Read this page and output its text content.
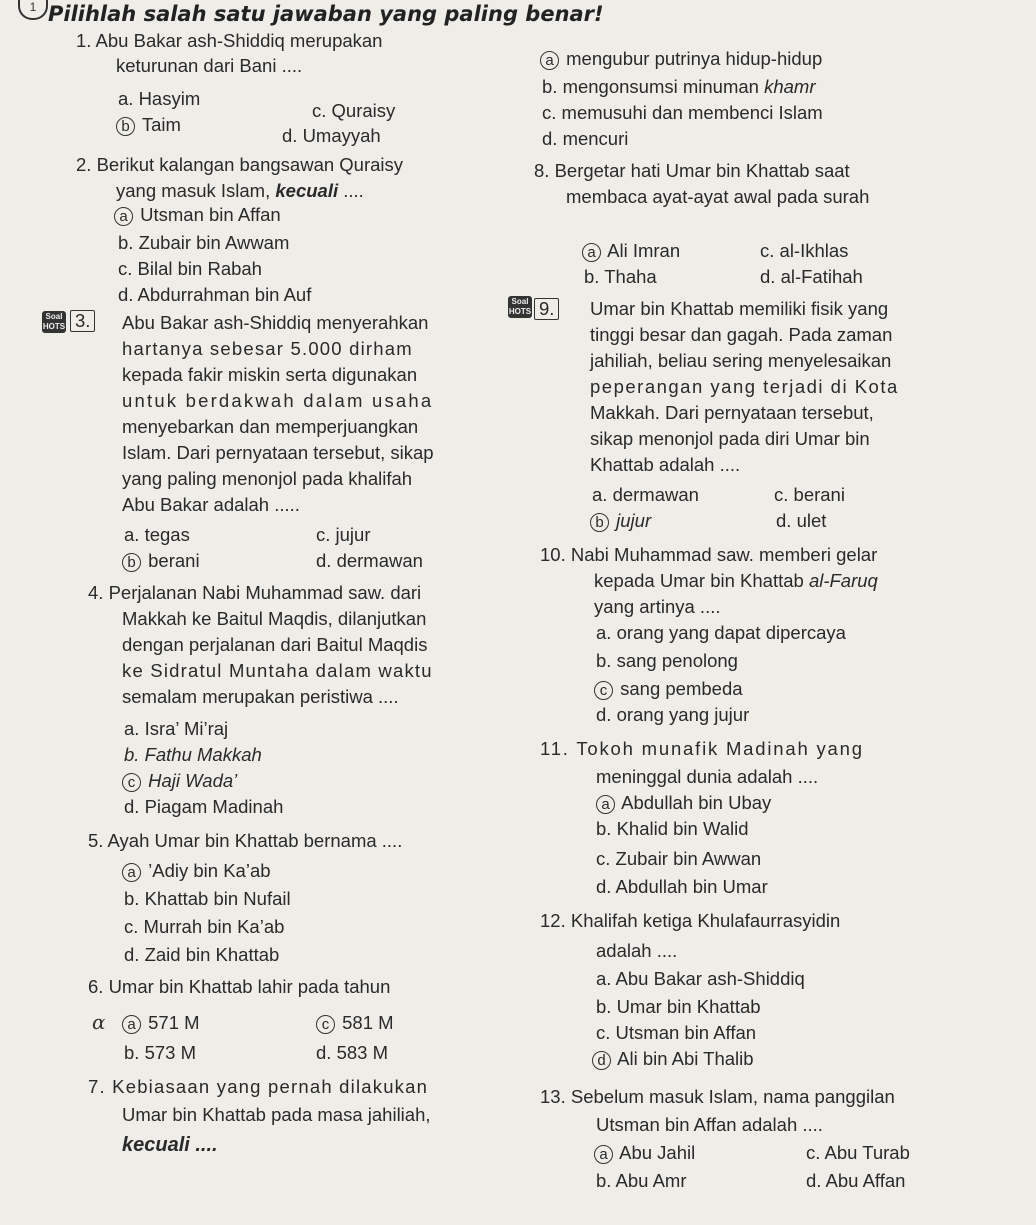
1 Pilihlah salah satu jawaban yang paling benar!
1. Abu Bakar ash-Shiddiq merupakan
keturunan dari Bani ....
a. Hasyim
c. Quraisy
b Taim
d. Umayyah
2. Berikut kalangan bangsawan Quraisy
yang masuk Islam, kecuali ....
a Utsman bin Affan
b. Zubair bin Awwam
c. Bilal bin Rabah
d. Abdurrahman bin Auf
Soal HOTS 3. Abu Bakar ash-Shiddiq menyerahkan
hartanya sebesar 5.000 dirham
kepada fakir miskin serta digunakan
untuk berdakwah dalam usaha
menyebarkan dan memperjuangkan
Islam. Dari pernyataan tersebut, sikap
yang paling menonjol pada khalifah
Abu Bakar adalah .....
a. tegas	c. jujur
b berani	d. dermawan
4. Perjalanan Nabi Muhammad saw. dari
Makkah ke Baitul Maqdis, dilanjutkan
dengan perjalanan dari Baitul Maqdis
ke Sidratul Muntaha dalam waktu
semalam merupakan peristiwa ....
a. Isra’ Mi’raj
b. Fathu Makkah
c Haji Wada’
d. Piagam Madinah
5. Ayah Umar bin Khattab bernama ....
a ’Adiy bin Ka’ab
b. Khattab bin Nufail
c. Murrah bin Ka’ab
d. Zaid bin Khattab
6. Umar bin Khattab lahir pada tahun
α	a 571 M	c 581 M
b. 573 M	d. 583 M
7. Kebiasaan yang pernah dilakukan
Umar bin Khattab pada masa jahiliah,
kecuali ....
a mengubur putrinya hidup-hidup
b. mengonsumsi minuman khamr
c. memusuhi dan membenci Islam
d. mencuri
8. Bergetar hati Umar bin Khattab saat
membaca ayat-ayat awal pada surah
a Ali Imran	c. al-Ikhlas
b. Thaha	d. al-Fatihah
Soal HOTS 9. Umar bin Khattab memiliki fisik yang
tinggi besar dan gagah. Pada zaman
jahiliah, beliau sering menyelesaikan
peperangan yang terjadi di Kota
Makkah. Dari pernyataan tersebut,
sikap menonjol pada diri Umar bin
Khattab adalah ....
a. dermawan	c. berani
b jujur	d. ulet
10. Nabi Muhammad saw. memberi gelar
kepada Umar bin Khattab al-Faruq
yang artinya ....
a. orang yang dapat dipercaya
b. sang penolong
c sang pembeda
d. orang yang jujur
11. Tokoh munafik Madinah yang
meninggal dunia adalah ....
a Abdullah bin Ubay
b. Khalid bin Walid
c. Zubair bin Awwan
d. Abdullah bin Umar
12. Khalifah ketiga Khulafaurrasyidin
adalah ....
a. Abu Bakar ash-Shiddiq
b. Umar bin Khattab
c. Utsman bin Affan
d Ali bin Abi Thalib
13. Sebelum masuk Islam, nama panggilan
Utsman bin Affan adalah ....
a Abu Jahil	c. Abu Turab
b. Abu Amr	d. Abu Affan
